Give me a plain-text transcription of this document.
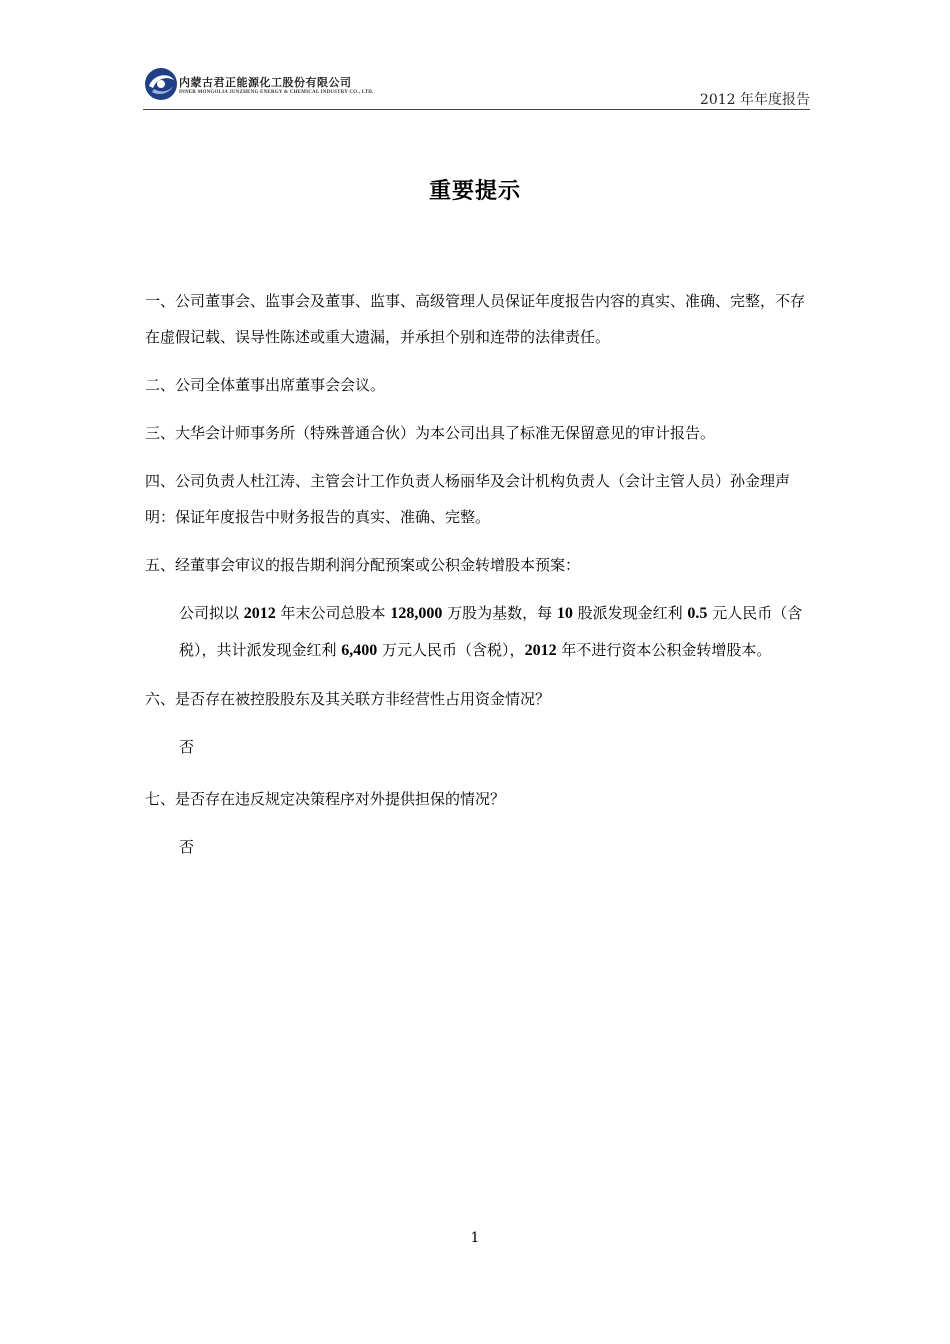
内蒙古君正能源化工股份有限公司
INNER MONGOLIA JUNZHENG ENERGY & CHEMICAL INDUSTRY CO., LTD.	2012 年年度报告
重要提示

一、公司董事会、监事会及董事、监事、高级管理人员保证年度报告内容的真实、准确、完整，不存在虚假记载、误导性陈述或重大遗漏，并承担个别和连带的法律责任。

二、公司全体董事出席董事会会议。

三、大华会计师事务所（特殊普通合伙）为本公司出具了标准无保留意见的审计报告。

四、公司负责人杜江涛、主管会计工作负责人杨丽华及会计机构负责人（会计主管人员）孙金理声明：保证年度报告中财务报告的真实、准确、完整。

五、经董事会审议的报告期利润分配预案或公积金转增股本预案：

公司拟以 2012 年末公司总股本 128,000 万股为基数，每 10 股派发现金红利 0.5 元人民币（含税），共计派发现金红利 6,400 万元人民币（含税），2012 年不进行资本公积金转增股本。

六、是否存在被控股股东及其关联方非经营性占用资金情况？

否

七、是否存在违反规定决策程序对外提供担保的情况？

否

1
